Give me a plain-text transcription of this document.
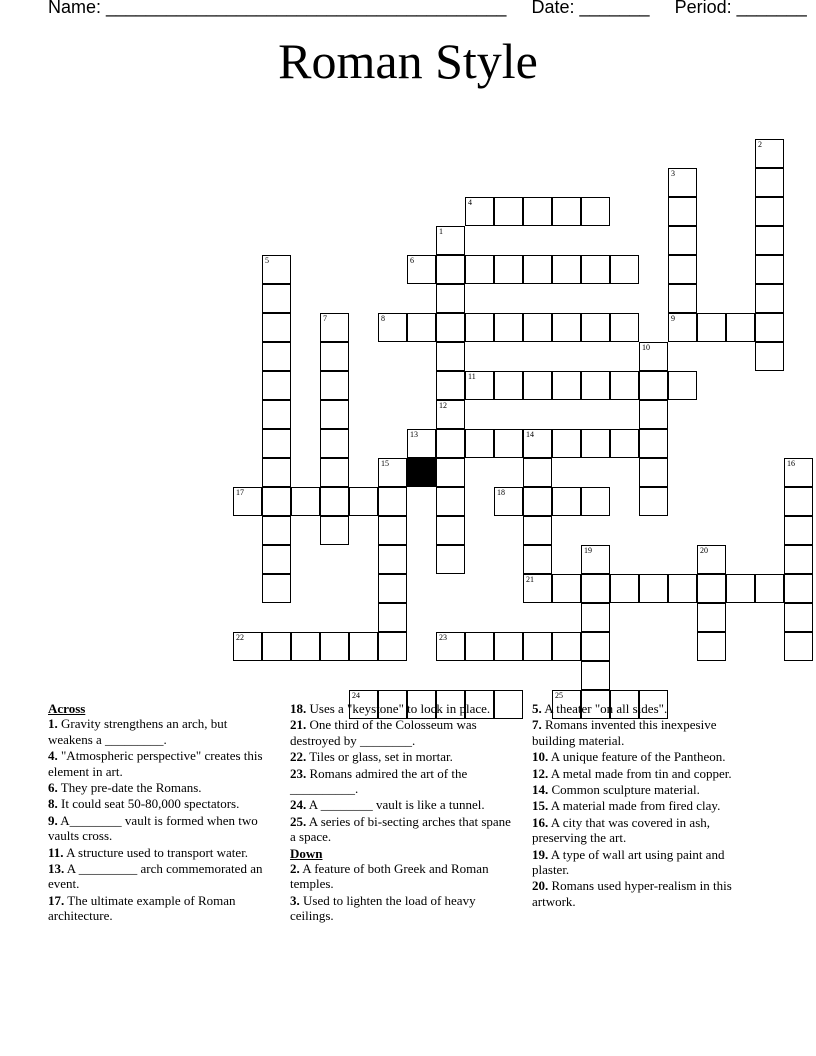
Name: ________________________________________ Date: _______ Period: _______
Roman Style
1
2
3
9
4
5	6
7	8
10
11
12
13	14
21
15	16
17	18
19	20
22	23
24	25
Across
1. Gravity strengthens an arch, but weakens a _________.
4. "Atmospheric perspective" creates this element in art.
6. They pre-date the Romans.
8. It could seat 50-80,000 spectators.
9. A________ vault is formed when two vaults cross.
11. A structure used to transport water.
13. A _________ arch commemorated an event.
17. The ultimate example of Roman architecture.
18. Uses a "keystone" to lock in place.
21. One third of the Colosseum was destroyed by ________.
22. Tiles or glass, set in mortar.
23. Romans admired the art of the __________.
24. A ________ vault is like a tunnel.
25. A series of bi-secting arches that spane a space.
Down
2. A feature of both Greek and Roman temples.
3. Used to lighten the load of heavy ceilings.
5. A theater "on all sides".
7. Romans invented this inexpesive building material.
10. A unique feature of the Pantheon.
12. A metal made from tin and copper.
14. Common sculpture material.
15. A material made from fired clay.
16. A city that was covered in ash, preserving the art.
19. A type of wall art using paint and plaster.
20. Romans used hyper-realism in this artwork.
